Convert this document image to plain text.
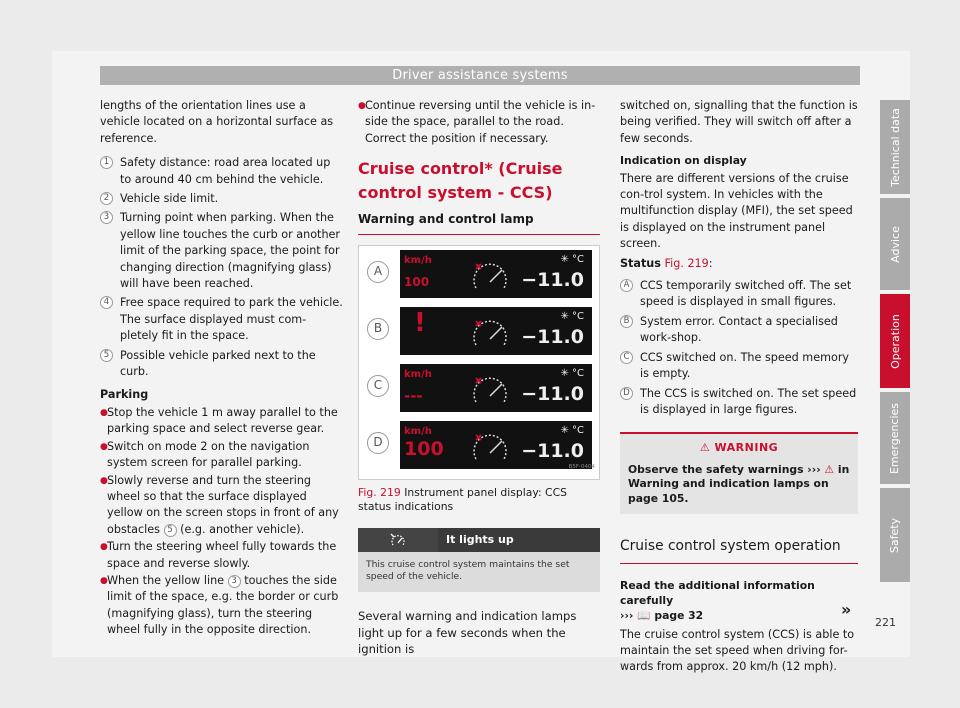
Driver assistance systems

lengths of the orientation lines use a vehicle located on a horizontal surface as reference.

1 Safety distance: road area located up to around 40 cm behind the vehicle.
2 Vehicle side limit.
3 Turning point when parking. When the yellow line touches the curb or another limit of the parking space, the point for changing direction (magnifying glass) will have been reached.
4 Free space required to park the vehicle. The surface displayed must com-pletely fit in the space.
5 Possible vehicle parked next to the curb.

Parking

● Stop the vehicle 1 m away parallel to the parking space and select reverse gear.

● Switch on mode 2 on the navigation system screen for parallel parking.

● Slowly reverse and turn the steering wheel so that the surface displayed yellow on the screen stops in front of any obstacles 5 (e.g. another vehicle).

● Turn the steering wheel fully towards the space and reverse slowly.

● When the yellow line 3 touches the side limit of the space, e.g. the border or curb (magnifying glass), turn the steering wheel fully in the opposite direction.

● Continue reversing until the vehicle is in-side the space, parallel to the road. Correct the position if necessary.

Cruise control* (Cruise control system - CCS)

Warning and control lamp

A
km/h
100
✳ °C
−11.0
B !	✳ °C
−11.0
C
km/h
---
✳ °C
−11.0
D
km/h
100
✳ °C
−11.0
B5F-0404

Fig. 219 Instrument panel display: CCS status indications

It lights up
This cruise control system maintains the set speed of the vehicle.

Several warning and indication lamps light up for a few seconds when the ignition is

switched on, signalling that the function is being verified. They will switch off after a few seconds.

Indication on display

There are different versions of the cruise con-trol system. In vehicles with the multifunction display (MFI), the set speed is displayed on the instrument panel screen.

Status Fig. 219:

A CCS temporarily switched off. The set speed is displayed in small figures.
B System error. Contact a specialised work-shop.
C CCS switched on. The speed memory is empty.
D The CCS is switched on. The set speed is displayed in large figures.

⚠ WARNING

Observe the safety warnings ››› ⚠ in Warning and indication lamps on page 105.

Cruise control system operation

Read the additional information carefully
››› 📖 page 32

The cruise control system (CCS) is able to maintain the set speed when driving for-wards from approx. 20 km/h (12 mph).

Technical data
Advice
Operation
Emergencies
Safety
»
221
